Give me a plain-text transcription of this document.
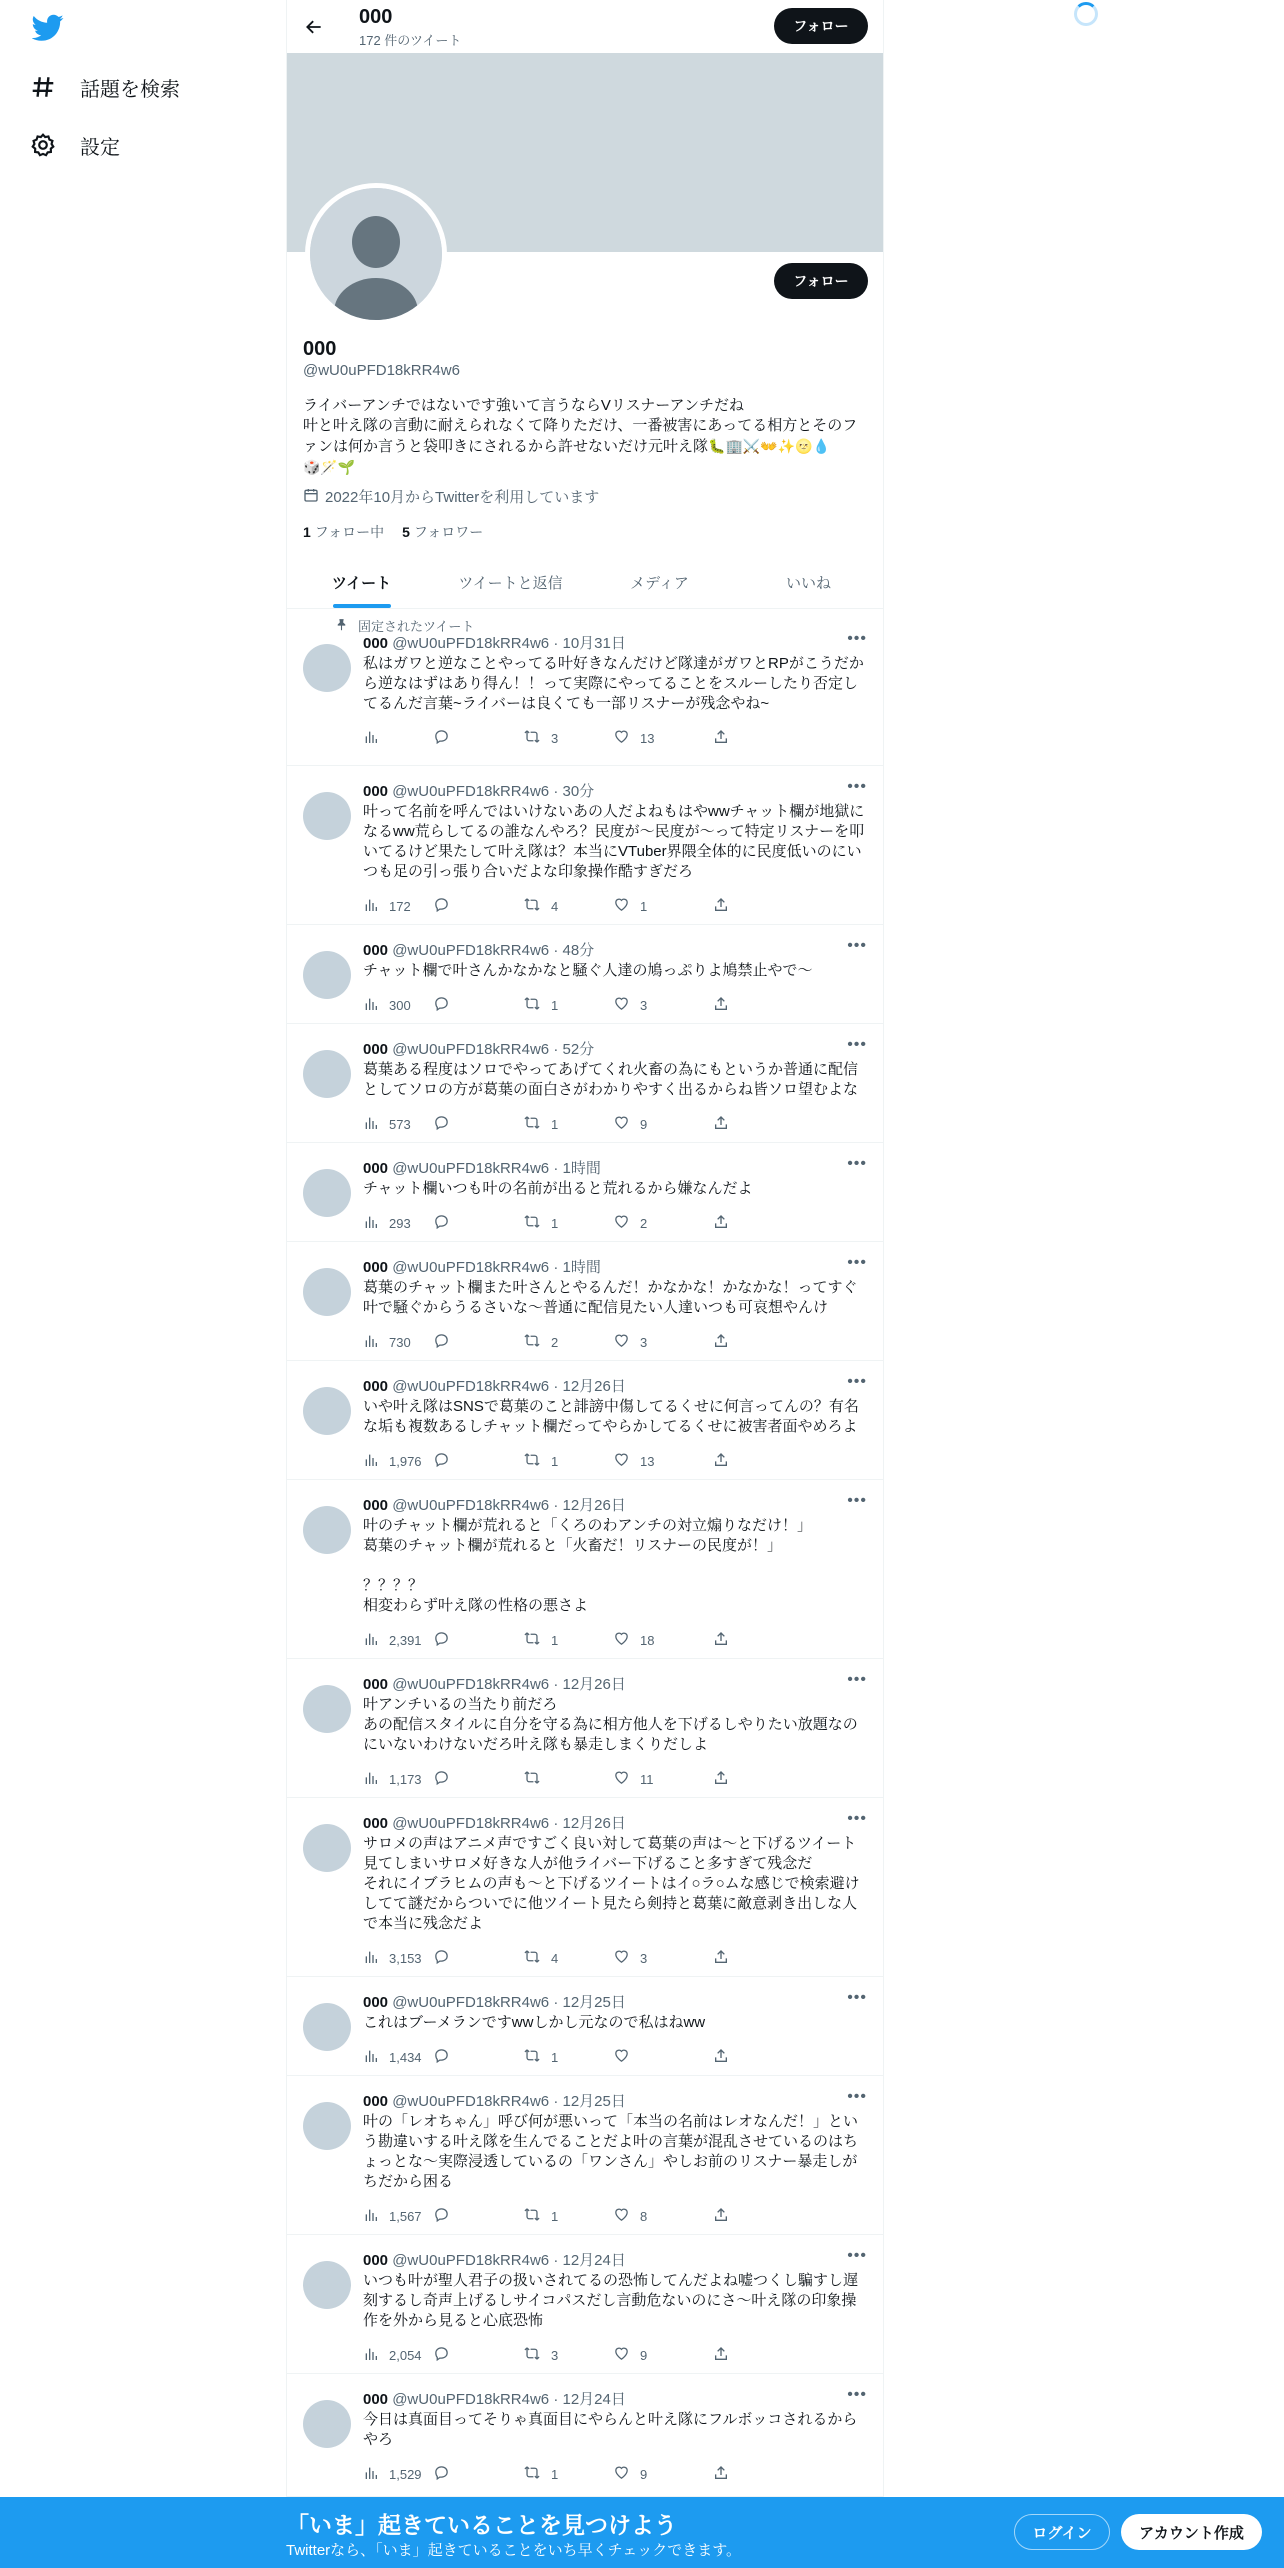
話題を検索
設定
000
172 件のツイート
フォロー
フォロー
000
@wU0uPFD18kRR4w6
ライバーアンチではないです強いて言うならVリスナーアンチだね
叶と叶え隊の言動に耐えられなくて降りただけ、一番被害にあってる相方とそのファンは何か言うと袋叩きにされるから許せないだけ元叶え隊🐛🏢⚔️👐✨🌝💧
🎲🪄🌱
2022年10月からTwitterを利用しています
1 フォロー中 5 フォロワー
ツイート	ツイートと返信	メディア	いいね
固定されたツイート
000 @wU0uPFD18kRR4w6 · 10月31日	•••
私はガワと逆なことやってる叶好きなんだけど隊達がガワとRPがこうだから逆なはずはあり得ん！！って実際にやってることをスルーしたり否定してるんだ言葉~ライバーは良くても一部リスナーが残念やね~
3	13
000 @wU0uPFD18kRR4w6 · 30分	•••
叶って名前を呼んではいけないあの人だよねもはやwwチャット欄が地獄になるww荒らしてるの誰なんやろ？民度が～民度が～って特定リスナーを叩いてるけど果たして叶え隊は？本当にVTuber界隈全体的に民度低いのにいつも足の引っ張り合いだよな印象操作酷すぎだろ
172	4	1
000 @wU0uPFD18kRR4w6 · 48分	•••
チャット欄で叶さんかなかなと騒ぐ人達の鳩っぷりよ鳩禁止やで～
300	1	3
000 @wU0uPFD18kRR4w6 · 52分	•••
葛葉ある程度はソロでやってあげてくれ火畜の為にもというか普通に配信としてソロの方が葛葉の面白さがわかりやすく出るからね皆ソロ望むよな
573	1	9
000 @wU0uPFD18kRR4w6 · 1時間	•••
チャット欄いつも叶の名前が出ると荒れるから嫌なんだよ
293	1	2
000 @wU0uPFD18kRR4w6 · 1時間	•••
葛葉のチャット欄また叶さんとやるんだ！かなかな！かなかな！ってすぐ叶で騒ぐからうるさいな～普通に配信見たい人達いつも可哀想やんけ
730	2	3
000 @wU0uPFD18kRR4w6 · 12月26日	•••
いや叶え隊はSNSで葛葉のこと誹謗中傷してるくせに何言ってんの？有名な垢も複数あるしチャット欄だってやらかしてるくせに被害者面やめろよ
1,976	1	13
000 @wU0uPFD18kRR4w6 · 12月26日	•••
叶のチャット欄が荒れると「くろのわアンチの対立煽りなだけ！」
葛葉のチャット欄が荒れると「火畜だ！リスナーの民度が！」

？？？？
相変わらず叶え隊の性格の悪さよ
2,391	1	18
000 @wU0uPFD18kRR4w6 · 12月26日	•••
叶アンチいるの当たり前だろ
あの配信スタイルに自分を守る為に相方他人を下げるしやりたい放題なのにいないわけないだろ叶え隊も暴走しまくりだしよ
1,173	11
000 @wU0uPFD18kRR4w6 · 12月26日	•••
サロメの声はアニメ声ですごく良い対して葛葉の声は～と下げるツイート見てしまいサロメ好きな人が他ライバー下げること多すぎて残念だ
それにイブラヒムの声も～と下げるツイートはイ○ラ○ムな感じで検索避けしてて謎だからついでに他ツイート見たら剣持と葛葉に敵意剥き出しな人で本当に残念だよ
3,153	4	3
000 @wU0uPFD18kRR4w6 · 12月25日	•••
これはブーメランですwwしかし元なので私はねww
1,434	1
000 @wU0uPFD18kRR4w6 · 12月25日	•••
叶の「レオちゃん」呼び何が悪いって「本当の名前はレオなんだ！」という勘違いする叶え隊を生んでることだよ叶の言葉が混乱させているのはちょっとな～実際浸透しているの「ワンさん」やしお前のリスナー暴走しがちだから困る
1,567	1	8
000 @wU0uPFD18kRR4w6 · 12月24日	•••
いつも叶が聖人君子の扱いされてるの恐怖してんだよね嘘つくし騙すし遅刻するし奇声上げるしサイコパスだし言動危ないのにさ～叶え隊の印象操作を外から見ると心底恐怖
2,054	3	9
000 @wU0uPFD18kRR4w6 · 12月24日	•••
今日は真面目ってそりゃ真面目にやらんと叶え隊にフルボッコされるからやろ
1,529	1	9
「いま」起きていることを見つけよう
Twitterなら、「いま」起きていることをいち早くチェックできます。
ログイン	アカウント作成
